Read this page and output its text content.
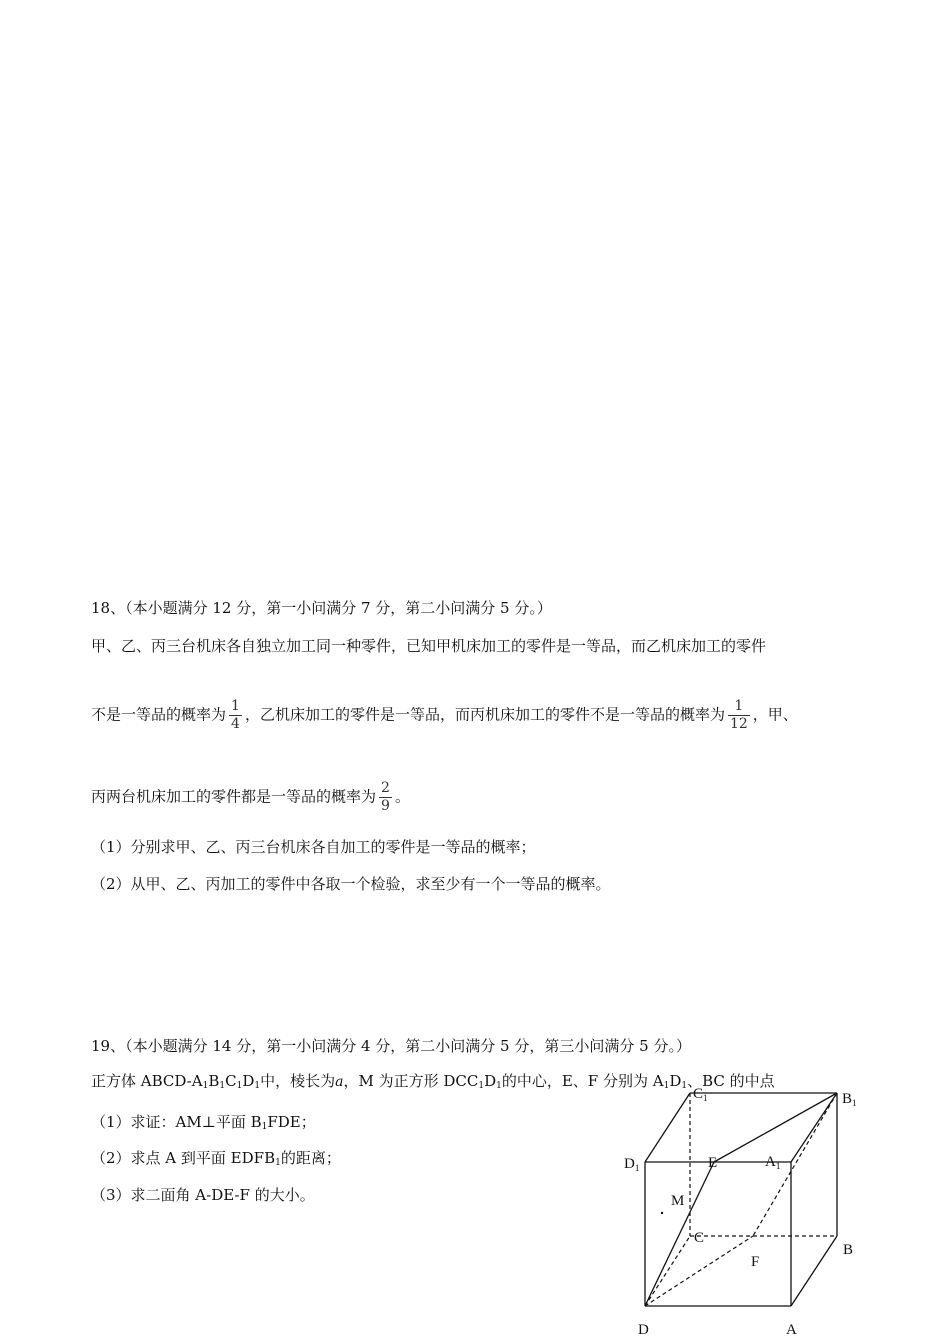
18、（本小题满分 12 分，第一小问满分 7 分，第二小问满分 5 分。）
甲、乙、丙三台机床各自独立加工同一种零件，已知甲机床加工的零件是一等品，而乙机床加工的零件
不是一等品的概率为 $\frac{1}{4}$ ，乙机床加工的零件是一等品，而丙机床加工的零件不是一等品的概率为 $\frac{1}{12}$ ，甲、
丙两台机床加工的零件都是一等品的概率为 $\frac{2}{9}$ 。
（1）分别求甲、乙、丙三台机床各自加工的零件是一等品的概率；
（2）从甲、乙、丙加工的零件中各取一个检验，求至少有一个一等品的概率。
19、（本小题满分 14 分，第一小问满分 4 分，第二小问满分 5 分，第三小问满分 5 分。）
正方体 ABCD-$A_1B_1C_1D_1$中，棱长为a，M 为正方形 $DCC_1D_1$的中心，E、F 分别为 $A_1D_1$、BC 的中点
（1）求证：AM⊥平面 $B_1FDE$；
（2）求点 A 到平面 $EDFB_1$的距离；
（3）求二面角 A-DE-F 的大小。
$C_1$	$B_1$
$D_1$	$A_1$
E
M
C
B
F
D	A
